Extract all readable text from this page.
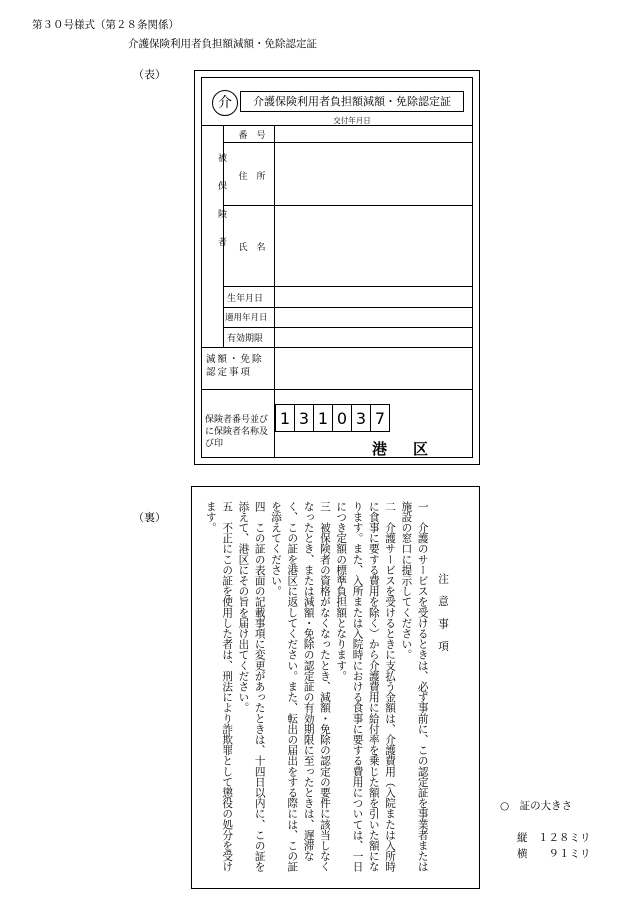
第３０号様式（第２８条関係）
介護保険利用者負担額減額・免除認定証
（表）
介	介護保険利用者負担額減額・免除認定証
交付年月日
被保険者
番　号
住　所
氏　名
生年月日
適用年月日
有効期限
減額・免除認定事項
保険者番号並びに保険者名称及び印
1 3 1 0 3 7
港区
（裏）
注意事項
一　介護のサービスを受けるときは、必ず事前に、この認定証を事業者または施設の窓口に提示してください。
二　介護サービスを受けるときに支払う金額は、介護費用（入院または入所時に食事に要する費用を除く）から介護費用に給付率を乗じた額を引いた額になります。また、入所または入院時における食事に要する費用については、一日につき定額の標準負担額となります。
三　被保険者の資格がなくなったとき、減額・免除の認定の要件に該当しなくなったとき、または減額・免除の認定証の有効期限に至ったときは、遅滞なく、この証を港区に返してください。また、転出の届出をする際には、この証を添えてください。
四　この証の表面の記載事項に変更があったときは、十四日以内に、この証を添えて、港区にその旨を届け出てください。
五　不正にこの証を使用した者は、刑法により詐欺罪として懲役の処分を受けます。
○　証の大きさ
縦　１２８ミリ
横　　９１ミリ
